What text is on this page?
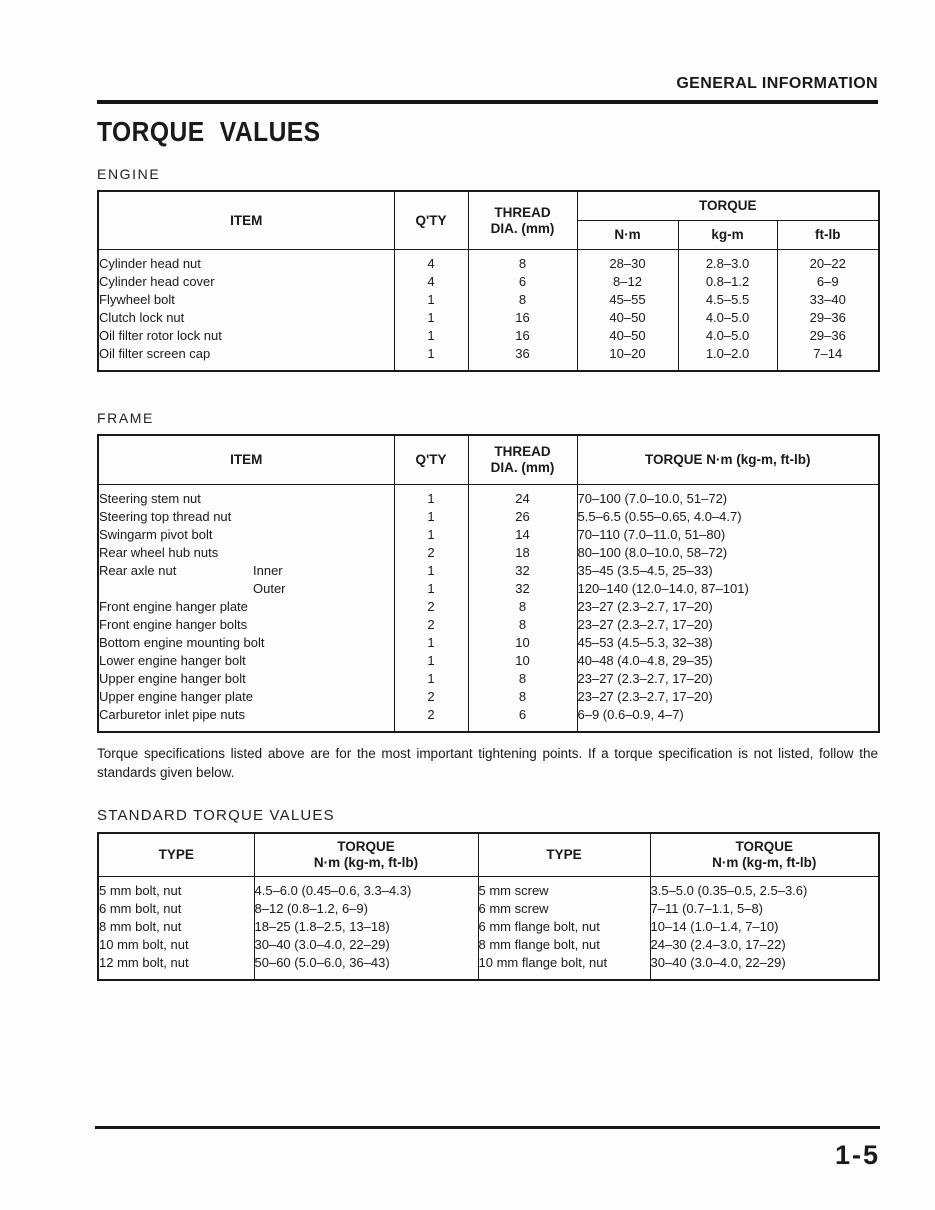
GENERAL INFORMATION
TORQUE VALUES
ENGINE
ITEM	Q'TY	THREAD
DIA. (mm)	TORQUE		
			N·m	kg-m	ft-lb
Cylinder head nut	4	8	28–30	2.8–3.0	20–22
Cylinder head cover	4	6	8–12	0.8–1.2	6–9
Flywheel bolt	1	8	45–55	4.5–5.5	33–40
Clutch lock nut	1	16	40–50	4.0–5.0	29–36
Oil filter rotor lock nut	1	16	40–50	4.0–5.0	29–36
Oil filter screen cap	1	36	10–20	1.0–2.0	7–14
FRAME
ITEM	Q'TY	THREAD
DIA. (mm)	TORQUE N·m (kg-m, ft-lb)
Steering stem nut	1	24	70–100 (7.0–10.0, 51–72)
Steering top thread nut	1	26	5.5–6.5 (0.55–0.65, 4.0–4.7)
Swingarm pivot bolt	1	14	70–110 (7.0–11.0, 51–80)
Rear wheel hub nuts	2	18	80–100 (8.0–10.0, 58–72)
Rear axle nut Inner	1	32	35–45 (3.5–4.5, 25–33)
Outer	1	32	120–140 (12.0–14.0, 87–101)
Front engine hanger plate	2	8	23–27 (2.3–2.7, 17–20)
Front engine hanger bolts	2	8	23–27 (2.3–2.7, 17–20)
Bottom engine mounting bolt	1	10	45–53 (4.5–5.3, 32–38)
Lower engine hanger bolt	1	10	40–48 (4.0–4.8, 29–35)
Upper engine hanger bolt	1	8	23–27 (2.3–2.7, 17–20)
Upper engine hanger plate	2	8	23–27 (2.3–2.7, 17–20)
Carburetor inlet pipe nuts	2	6	6–9 (0.6–0.9, 4–7)
Torque specifications listed above are for the most important tightening points. If a torque specification is not listed, follow the standards given below.
STANDARD TORQUE VALUES
TYPE	TORQUE
N·m (kg-m, ft-lb)	TYPE	TORQUE
N·m (kg-m, ft-lb)

5 mm bolt, nut	4.5–6.0 (0.45–0.6, 3.3–4.3)	5 mm screw	3.5–5.0 (0.35–0.5, 2.5–3.6)
6 mm bolt, nut	8–12 (0.8–1.2, 6–9)	6 mm screw	7–11 (0.7–1.1, 5–8)
8 mm bolt, nut	18–25 (1.8–2.5, 13–18)	6 mm flange bolt, nut	10–14 (1.0–1.4, 7–10)
10 mm bolt, nut	30–40 (3.0–4.0, 22–29)	8 mm flange bolt, nut	24–30 (2.4–3.0, 17–22)
12 mm bolt, nut	50–60 (5.0–6.0, 36–43)	10 mm flange bolt, nut	30–40 (3.0–4.0, 22–29)
1-5
